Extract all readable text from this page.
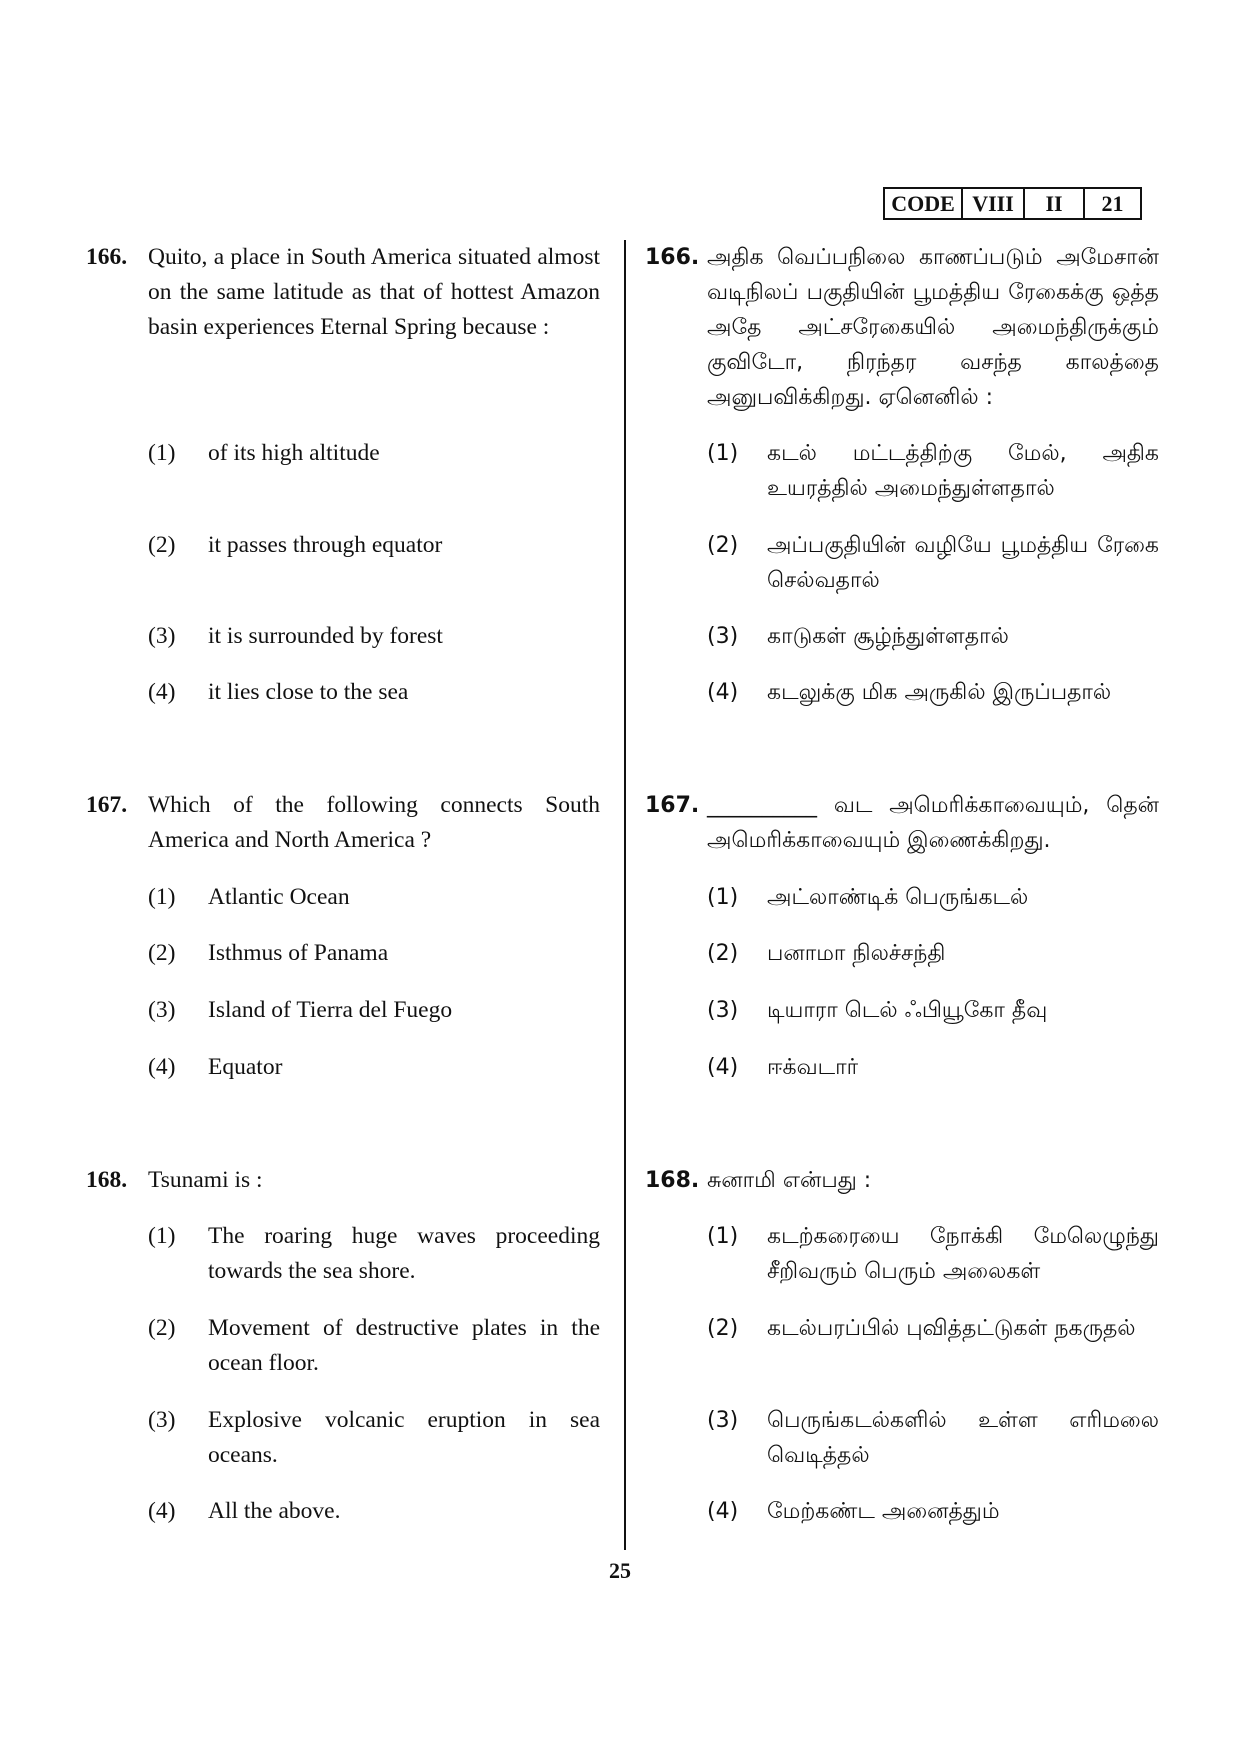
CODE VIII	II	21
166. Quito, a place in South America situated almost on the same latitude as that of hottest Amazon basin experiences Eternal Spring because :
(1) of its high altitude
(2) it passes through equator
(3) it is surrounded by forest
(4) it lies close to the sea
167. Which of the following connects South America and North America ?
(1) Atlantic Ocean
(2) Isthmus of Panama
(3) Island of Tierra del Fuego
(4) Equator
168. Tsunami is :
(1) The roaring huge waves proceeding towards the sea shore.
(2) Movement of destructive plates in the ocean floor.
(3) Explosive volcanic eruption in sea oceans.
(4) All the above.
166. அதிக வெப்பநிலை காணப்படும் அமேசான் வடிநிலப் பகுதியின் பூமத்திய ரேகைக்கு ஒத்த அதே அட்சரேகையில் அமைந்திருக்கும் குவிடோ, நிரந்தர வசந்த காலத்தை அனுபவிக்கிறது. ஏனெனில் :
(1) கடல் மட்டத்திற்கு மேல், அதிக உயரத்தில் அமைந்துள்ளதால்
(2) அப்பகுதியின் வழியே பூமத்திய ரேகை செல்வதால்
(3) காடுகள் சூழ்ந்துள்ளதால்
(4) கடலுக்கு மிக அருகில் இருப்பதால்
167. __________ வட அமெரிக்காவையும், தென் அமெரிக்காவையும் இணைக்கிறது.
(1) அட்லாண்டிக் பெருங்கடல்
(2) பனாமா நிலச்சந்தி
(3) டியாரா டெல் ஃபியூகோ தீவு
(4) ஈக்வடார்
168. சுனாமி என்பது :
(1) கடற்கரையை நோக்கி மேலெழுந்து சீறிவரும் பெரும் அலைகள்
(2) கடல்பரப்பில் புவித்தட்டுகள் நகருதல்
(3) பெருங்கடல்களில் உள்ள எரிமலை வெடித்தல்
(4) மேற்கண்ட அனைத்தும்
25
